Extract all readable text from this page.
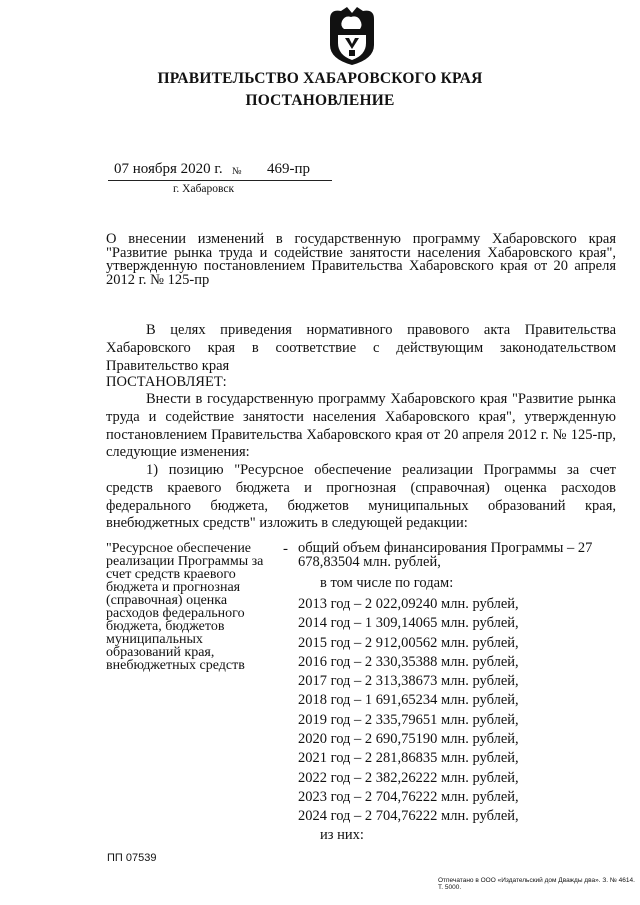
ПРАВИТЕЛЬСТВО ХАБАРОВСКОГО КРАЯ
ПОСТАНОВЛЕНИЕ
07 ноября 2020 г. № 469-пр
г. Хабаровск
О внесении изменений в государственную программу Хабаровского края "Развитие рынка труда и содействие занятости населения Хабаровского края", утвержденную постановлением Правительства Хабаровского края от 20 апреля 2012 г. № 125-пр
В целях приведения нормативного правового акта Правительства Хабаровского края в соответствие с действующим законодательством Правительство края
ПОСТАНОВЛЯЕТ:
Внести в государственную программу Хабаровского края "Развитие рынка труда и содействие занятости населения Хабаровского края", утвержденную постановлением Правительства Хабаровского края от 20 апреля 2012 г. № 125-пр, следующие изменения:
1) позицию "Ресурсное обеспечение реализации Программы за счет средств краевого бюджета и прогнозная (справочная) оценка расходов федерального бюджета, бюджетов муниципальных образований края, внебюджетных средств" изложить в следующей редакции:
"Ресурсное обеспечение реализации Программы за счет средств краевого бюджета и прогнозная (справочная) оценка расходов федерального бюджета, бюджетов муниципальных образований края, внебюджетных средств
- общий объем финансирования Программы – 27 678,83504 млн. рублей,
в том числе по годам:
2013 год – 2 022,09240 млн. рублей,
2014 год – 1 309,14065 млн. рублей,
2015 год – 2 912,00562 млн. рублей,
2016 год – 2 330,35388 млн. рублей,
2017 год – 2 313,38673 млн. рублей,
2018 год – 1 691,65234 млн. рублей,
2019 год – 2 335,79651 млн. рублей,
2020 год – 2 690,75190 млн. рублей,
2021 год – 2 281,86835 млн. рублей,
2022 год – 2 382,26222 млн. рублей,
2023 год – 2 704,76222 млн. рублей,
2024 год – 2 704,76222 млн. рублей,
из них:
ПП 07539
Отпечатано в ООО «Издательский дом Дважды два». З. № 4614. Т. 5000.
